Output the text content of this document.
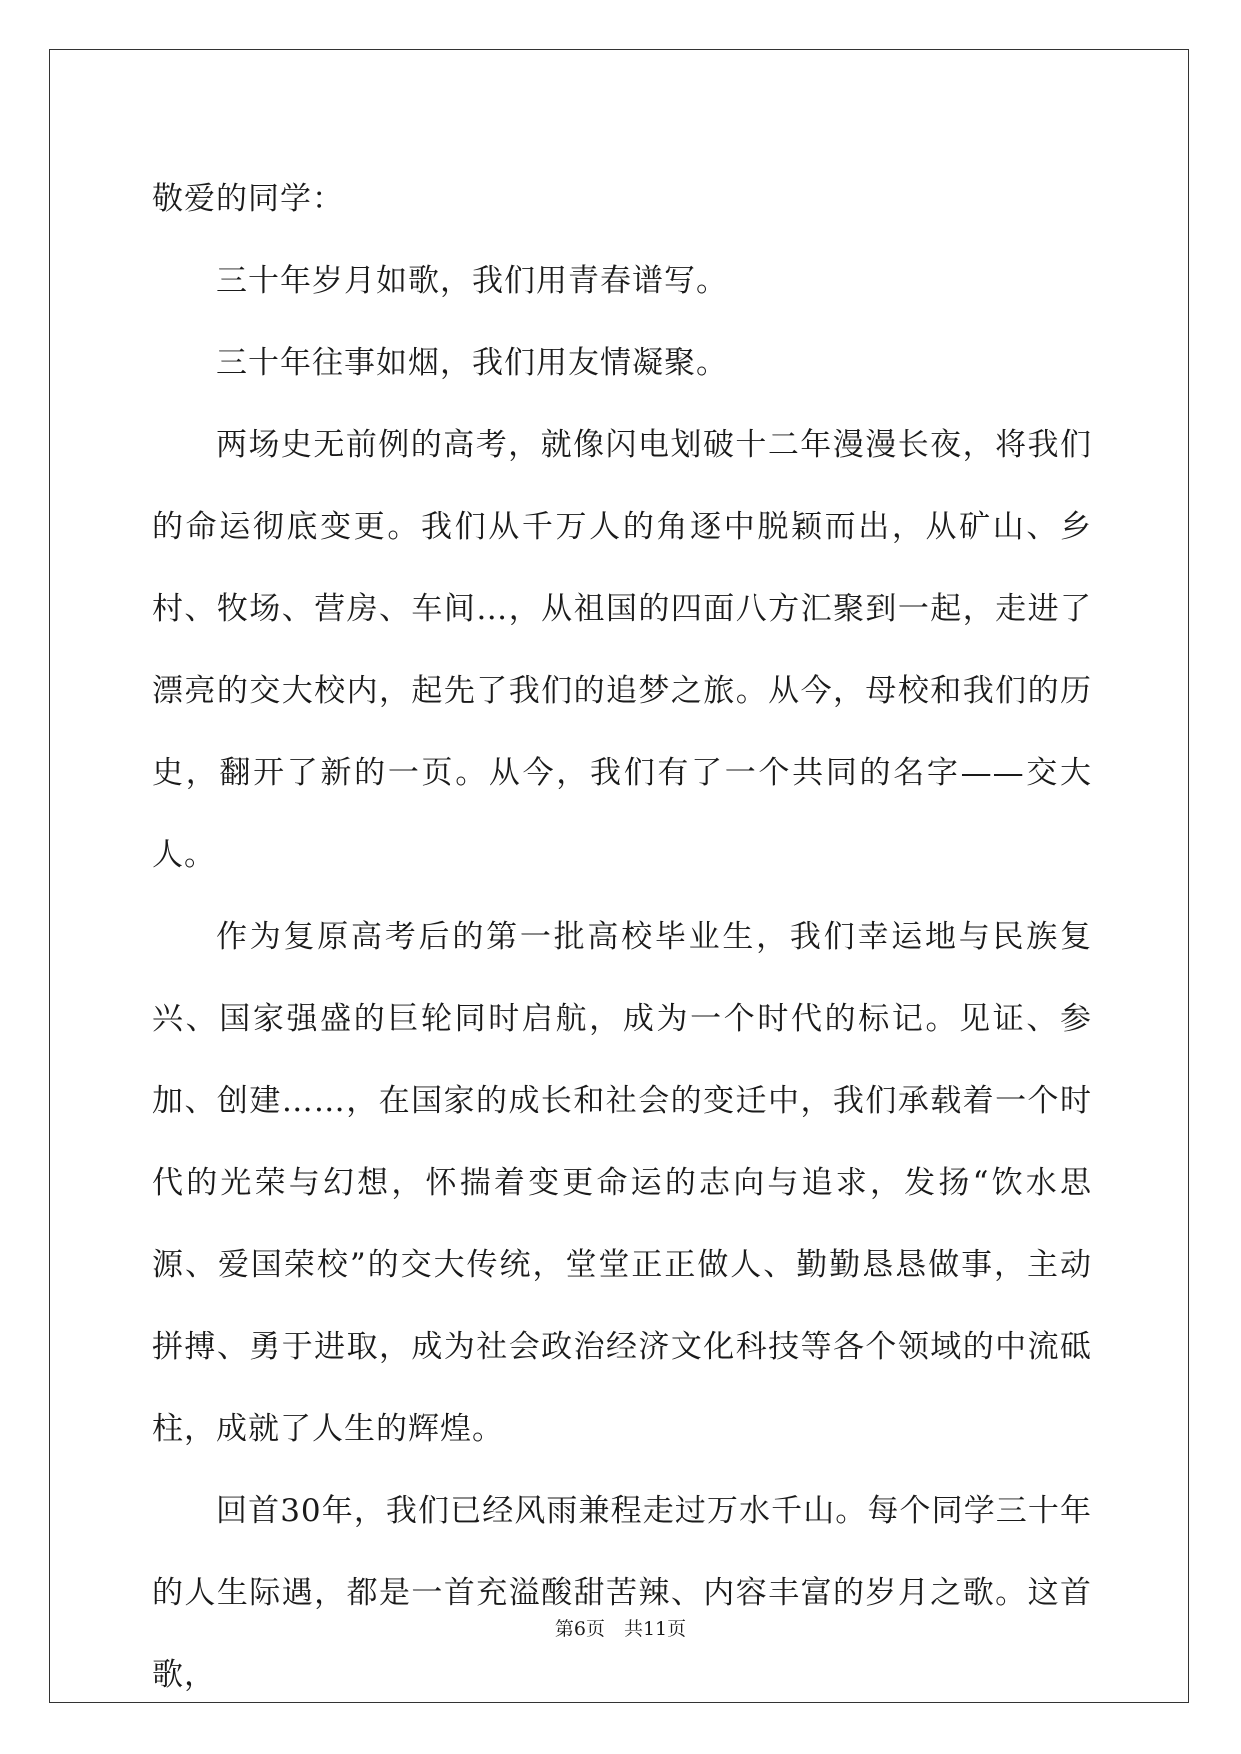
敬爱的同学：

三十年岁月如歌，我们用青春谱写。

三十年往事如烟，我们用友情凝聚。

两场史无前例的高考，就像闪电划破十二年漫漫长夜，将我们的命运彻底变更。我们从千万人的角逐中脱颖而出，从矿山、乡村、牧场、营房、车间…，从祖国的四面八方汇聚到一起，走进了漂亮的交大校内，起先了我们的追梦之旅。从今，母校和我们的历史，翻开了新的一页。从今，我们有了一个共同的名字——交大人。

作为复原高考后的第一批高校毕业生，我们幸运地与民族复兴、国家强盛的巨轮同时启航，成为一个时代的标记。见证、参加、创建……，在国家的成长和社会的变迁中，我们承载着一个时代的光荣与幻想，怀揣着变更命运的志向与追求，发扬“饮水思源、爱国荣校”的交大传统，堂堂正正做人、勤勤恳恳做事，主动拼搏、勇于进取，成为社会政治经济文化科技等各个领域的中流砥柱，成就了人生的辉煌。

回首30年，我们已经风雨兼程走过万水千山。每个同学三十年的人生际遇，都是一首充溢酸甜苦辣、内容丰富的岁月之歌。这首歌，

第6页　共11页
